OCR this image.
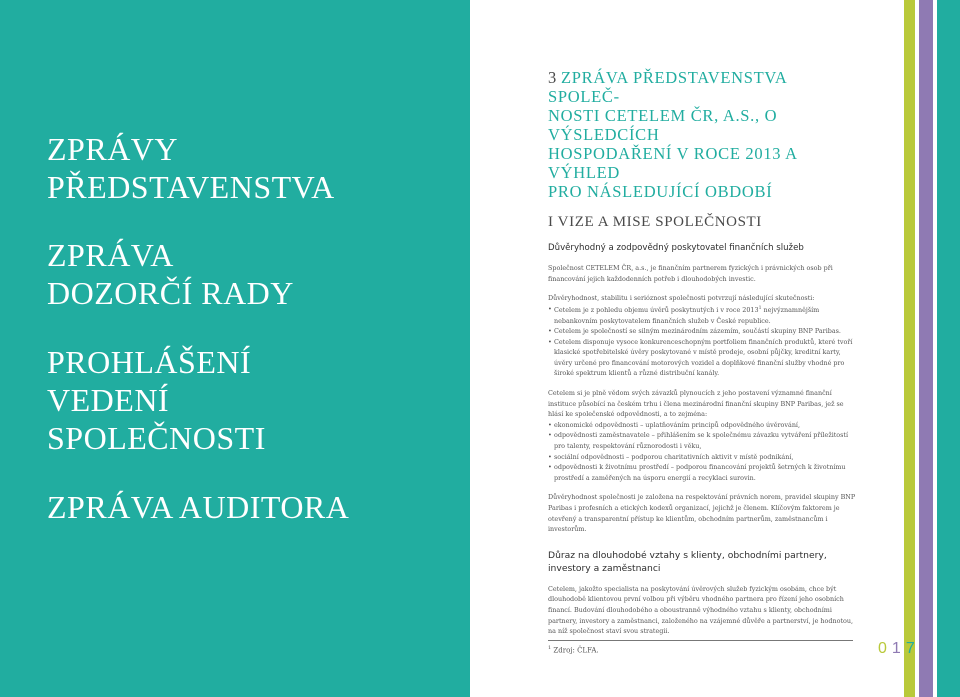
ZPRÁVY
PŘEDSTAVENSTVA
ZPRÁVA
DOZORČÍ RADY
PROHLÁŠENÍ
VEDENÍ
SPOLEČNOSTI
ZPRÁVA AUDITORA
3 ZPRÁVA PŘEDSTAVENSTVA SPOLEČ-
NOSTI CETELEM ČR, A.S., O VÝSLEDCÍCH
HOSPODAŘENÍ V ROCE 2013 A VÝHLED
PRO NÁSLEDUJÍCÍ OBDOBÍ
I VIZE A MISE SPOLEČNOSTI
Důvěryhodný a zodpovědný poskytovatel finančních služeb

Společnost CETELEM ČR, a.s., je finančním partnerem fyzických i právnických osob při financování jejich každodenních potřeb i dlouhodobých investic.

Důvěryhodnost, stabilitu i serióznost společnosti potvrzují následující skutečnosti:

• Cetelem je z pohledu objemu úvěrů poskytnutých i v roce 2013$^1$ nejvýznamnějším nebankovním poskytovatelem finančních služeb v České republice.
• Cetelem je společností se silným mezinárodním zázemím, součástí skupiny BNP Paribas.
• Cetelem disponuje vysoce konkurenceschopným portfoliem finančních produktů, které tvoří klasické spotřebitelské úvěry poskytované v místě prodeje, osobní půjčky, kreditní karty, úvěry určené pro financování motorových vozidel a doplňkové finanční služby vhodné pro široké spektrum klientů a různé distribuční kanály.

Cetelem si je plně vědom svých závazků plynoucích z jeho postavení významné finanční instituce působící na českém trhu i člena mezinárodní finanční skupiny BNP Paribas, jež se hlásí ke společenské odpovědnosti, a to zejména:

• ekonomické odpovědnosti – uplatňováním principů odpovědného úvěrování,
• odpovědnosti zaměstnavatele – přihlášením se k společnému závazku vytváření příležitostí pro talenty, respektování různorodosti i věku,
• sociální odpovědnosti – podporou charitativních aktivit v místě podnikání,
• odpovědnosti k životnímu prostředí – podporou financování projektů šetrných k životnímu prostředí a zaměřených na úsporu energií a recyklaci surovin.

Důvěryhodnost společnosti je založena na respektování právních norem, pravidel skupiny BNP Paribas i profesních a etických kodexů organizací, jejichž je členem. Klíčovým faktorem je otevřený a transparentní přístup ke klientům, obchodním partnerům, zaměstnancům i investorům.

Důraz na dlouhodobé vztahy s klienty, obchodními partnery,
investory a zaměstnanci

Cetelem, jakožto specialista na poskytování úvěrových služeb fyzickým osobám, chce být dlouhodobě klientovou první volbou při výběru vhodného partnera pro řízení jeho osobních financí. Budování dlouhodobého a oboustranně výhodného vztahu s klienty, obchodními partnery, investory a zaměstnanci, založeného na vzájemné důvěře a partnerství, je hodnotou, na níž společnost staví svou strategii.

$^1$ Zdroj: ČLFA.	017
